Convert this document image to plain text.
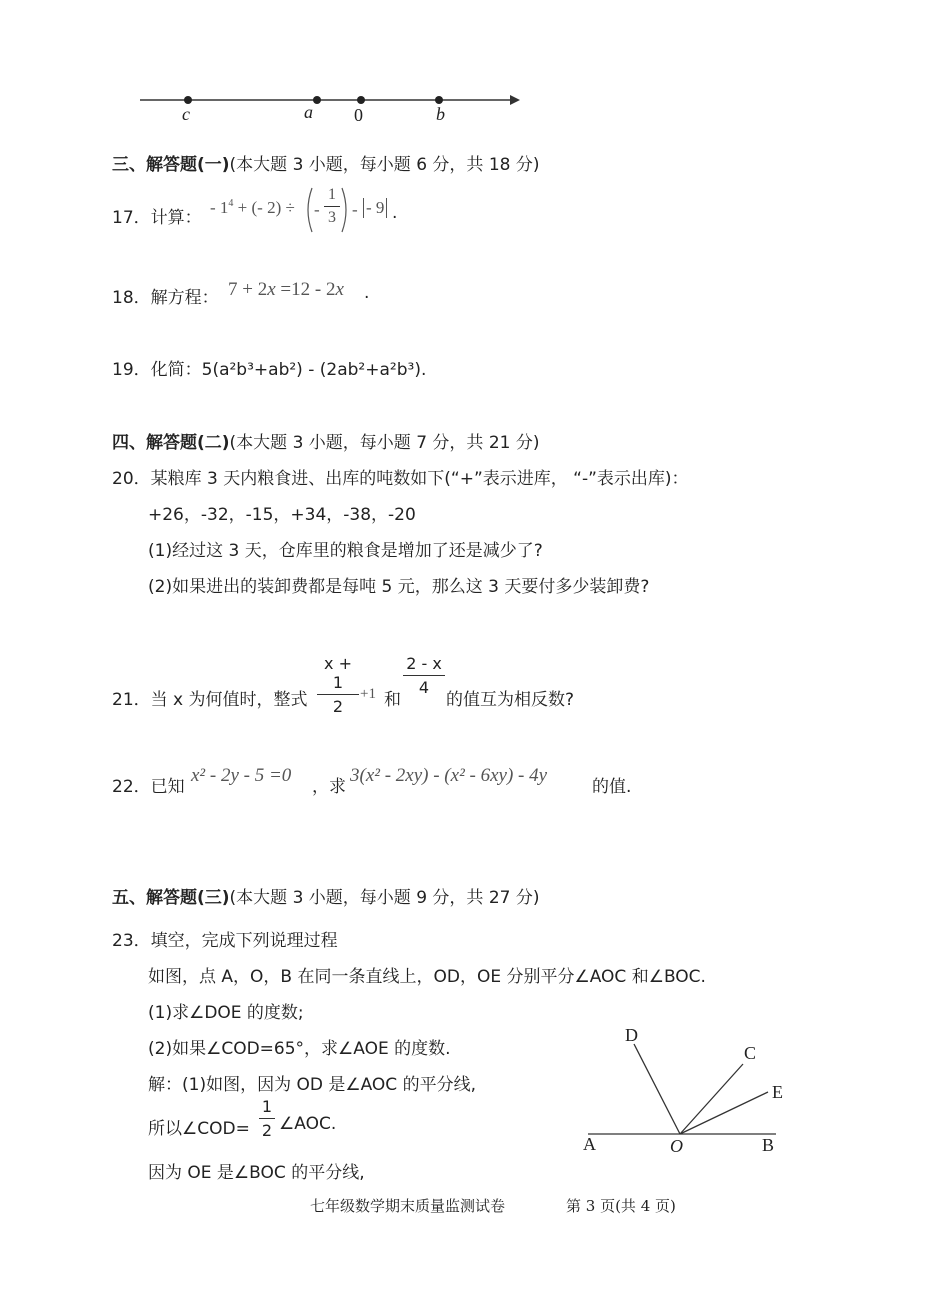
c	a 0	b
三、解答题(一)(本大题 3 小题，每小题 6 分，共 18 分)
17．计算：
- $1^4$ + (- 2) ÷ -
1
3 - - 9 .
18．解方程： 7 + 2x =12 - 2x .
19．化简：5(a²b³+ab²) - (2ab²+a²b³).
四、解答题(二)(本大题 3 小题，每小题 7 分，共 21 分)
20．某粮库 3 天内粮食进、出库的吨数如下(“+”表示进库， “-”表示出库)：
+26，-32，-15，+34，-38，-20
(1)经过这 3 天，仓库里的粮食是增加了还是减少了?
(2)如果进出的装卸费都是每吨 5 元，那么这 3 天要付多少装卸费?
21．当 x 为何值时，整式
x + 1
2
+1 和
2 - x
4
的值互为相反数?
22．已知
x² - 2y - 5 =0
，求
3(x² - 2xy) - (x² - 6xy) - 4y
的值.
五、解答题(三)(本大题 3 小题，每小题 9 分，共 27 分)
23．填空，完成下列说理过程
如图，点 A，O，B 在同一条直线上，OD，OE 分别平分∠AOC 和∠BOC.
(1)求∠DOE 的度数;
(2)如果∠COD=65°，求∠AOE 的度数.
解：(1)如图，因为 OD 是∠AOC 的平分线,
所以∠COD=
1
2 ∠AOC.
因为 OE 是∠BOC 的平分线,
A	O	B
D
C
E
七年级数学期末质量监测试卷	第 3 页(共 4 页)
